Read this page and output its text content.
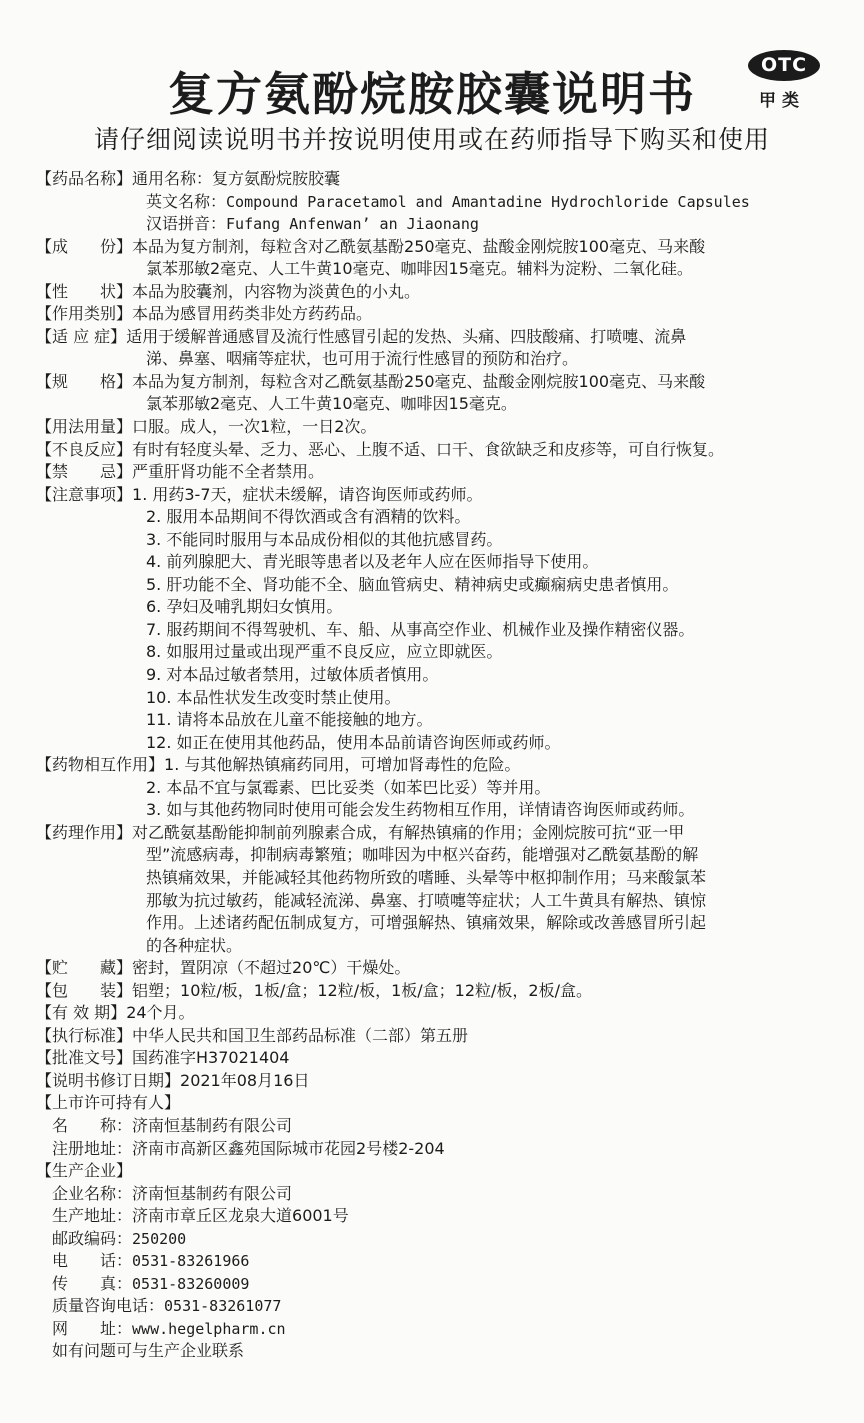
复方氨酚烷胺胶囊说明书
OTC
甲类
请仔细阅读说明书并按说明使用或在药师指导下购买和使用
【药品名称】 通用名称：复方氨酚烷胺胶囊
英文名称：Compound Paracetamol and Amantadine Hydrochloride Capsules
汉语拼音：Fufang Anfenwan’ an Jiaonang
【成　　份】 本品为复方制剂，每粒含对乙酰氨基酚250毫克、盐酸金刚烷胺100毫克、马来酸
氯苯那敏2毫克、人工牛黄10毫克、咖啡因15毫克。辅料为淀粉、二氧化硅。
【性　　状】 本品为胶囊剂，内容物为淡黄色的小丸。
【作用类别】 本品为感冒用药类非处方药药品。
【适 应 症】 适用于缓解普通感冒及流行性感冒引起的发热、头痛、四肢酸痛、打喷嚏、流鼻
涕、鼻塞、咽痛等症状，也可用于流行性感冒的预防和治疗。
【规　　格】 本品为复方制剂，每粒含对乙酰氨基酚250毫克、盐酸金刚烷胺100毫克、马来酸
氯苯那敏2毫克、人工牛黄10毫克、咖啡因15毫克。
【用法用量】 口服。成人，一次1粒，一日2次。
【不良反应】 有时有轻度头晕、乏力、恶心、上腹不适、口干、食欲缺乏和皮疹等，可自行恢复。
【禁　　忌】 严重肝肾功能不全者禁用。
【注意事项】 1. 用药3-7天，症状未缓解，请咨询医师或药师。
2. 服用本品期间不得饮酒或含有酒精的饮料。
3. 不能同时服用与本品成份相似的其他抗感冒药。
4. 前列腺肥大、青光眼等患者以及老年人应在医师指导下使用。
5. 肝功能不全、肾功能不全、脑血管病史、精神病史或癫痫病史患者慎用。
6. 孕妇及哺乳期妇女慎用。
7. 服药期间不得驾驶机、车、船、从事高空作业、机械作业及操作精密仪器。
8. 如服用过量或出现严重不良反应，应立即就医。
9. 对本品过敏者禁用，过敏体质者慎用。
10. 本品性状发生改变时禁止使用。
11. 请将本品放在儿童不能接触的地方。
12. 如正在使用其他药品，使用本品前请咨询医师或药师。
【药物相互作用】 1. 与其他解热镇痛药同用，可增加肾毒性的危险。
2. 本品不宜与氯霉素、巴比妥类（如苯巴比妥）等并用。
3. 如与其他药物同时使用可能会发生药物相互作用，详情请咨询医师或药师。
【药理作用】 对乙酰氨基酚能抑制前列腺素合成，有解热镇痛的作用；金刚烷胺可抗“亚一甲
型”流感病毒，抑制病毒繁殖；咖啡因为中枢兴奋药，能增强对乙酰氨基酚的解
热镇痛效果，并能减轻其他药物所致的嗜睡、头晕等中枢抑制作用；马来酸氯苯
那敏为抗过敏药，能减轻流涕、鼻塞、打喷嚏等症状；人工牛黄具有解热、镇惊
作用。上述诸药配伍制成复方，可增强解热、镇痛效果，解除或改善感冒所引起
的各种症状。
【贮　　藏】 密封，置阴凉（不超过20℃）干燥处。
【包　　装】 铝塑；10粒/板，1板/盒；12粒/板，1板/盒；12粒/板，2板/盒。
【有 效 期】 24个月。
【执行标准】 中华人民共和国卫生部药品标准（二部）第五册
【批准文号】 国药准字H37021404
【说明书修订日期】 2021年08月16日
【上市许可持有人】
　名　　称： 济南恒基制药有限公司
　注册地址： 济南市高新区鑫苑国际城市花园2号楼2-204
【生产企业】
　企业名称： 济南恒基制药有限公司
　生产地址： 济南市章丘区龙泉大道6001号
　邮政编码： 250200
　电　　话： 0531-83261966
　传　　真： 0531-83260009
　质量咨询电话： 0531-83261077
　网　　址： www.hegelpharm.cn
　如有问题可与生产企业联系
